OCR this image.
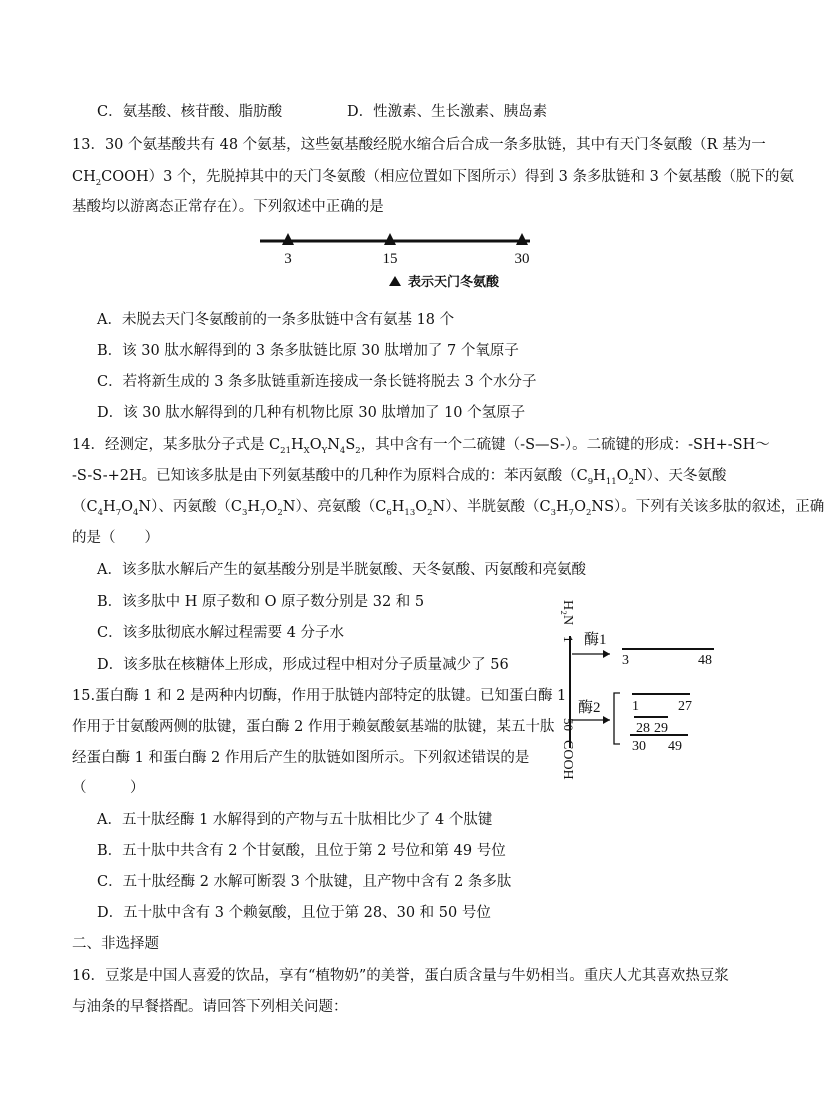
C．氨基酸、核苷酸、脂肪酸	D．性激素、生长激素、胰岛素
13．30 个氨基酸共有 48 个氨基，这些氨基酸经脱水缩合后合成一条多肽链，其中有天门冬氨酸（R 基为一
$CH_2COOH)3$ 个，先脱掉其中的天门冬氨酸（相应位置如下图所示）得到 3 条多肽链和 3 个氨基酸（脱下的氨
基酸均以游离态正常存在）。下列叙述中正确的是
3	15	30
表示天门冬氨酸
A．未脱去天门冬氨酸前的一条多肽链中含有氨基 18 个
B．该 30 肽水解得到的 3 条多肽链比原 30 肽增加了 7 个氧原子
C．若将新生成的 3 条多肽链重新连接成一条长链将脱去 3 个水分子
D．该 30 肽水解得到的几种有机物比原 30 肽增加了 10 个氢原子
14．经测定，某多肽分子式是 $C_{21}H_XO_YN_4S_2$，其中含有一个二硫键（-S—S-）。二硫键的形成：-SH+-SH～
-S-S-+2H。已知该多肽是由下列氨基酸中的几种作为原料合成的：苯丙氨酸$(C_9H_{11}O_2N)$、天冬氨酸
$(C_4H_7O_4N)$、丙氨酸$(C_3H_7O_2N)$、亮氨酸$(C_6H_{13}O_2N)$、半胱氨酸$(C_3H_7O_2NS)$。下列有关该多肽的叙述，正确
的是（　　）
A．该多肽水解后产生的氨基酸分别是半胱氨酸、天冬氨酸、丙氨酸和亮氨酸
B．该多肽中 H 原子数和 O 原子数分别是 32 和 5
C．该多肽彻底水解过程需要 4 分子水
D．该多肽在核糖体上形成，形成过程中相对分子质量减少了 56
15.蛋白酶 1 和 2 是两种内切酶，作用于肽链内部特定的肽键。已知蛋白酶 1
作用于甘氨酸两侧的肽键，蛋白酶 2 作用于赖氨酸氨基端的肽键，某五十肽
经蛋白酶 1 和蛋白酶 2 作用后产生的肽链如图所示。下列叙述错误的是
（　　　）
H₂N
1
50
COOH
酶1
3	48
酶2 1	27
28 29
30 49
A．五十肽经酶 1 水解得到的产物与五十肽相比少了 4 个肽键
B．五十肽中共含有 2 个甘氨酸，且位于第 2 号位和第 49 号位
C．五十肽经酶 2 水解可断裂 3 个肽键，且产物中含有 2 条多肽
D．五十肽中含有 3 个赖氨酸，且位于第 28、30 和 50 号位
二、非选择题
16．豆浆是中国人喜爱的饮品，享有“植物奶”的美誉，蛋白质含量与牛奶相当。重庆人尤其喜欢热豆浆
与油条的早餐搭配。请回答下列相关问题：
